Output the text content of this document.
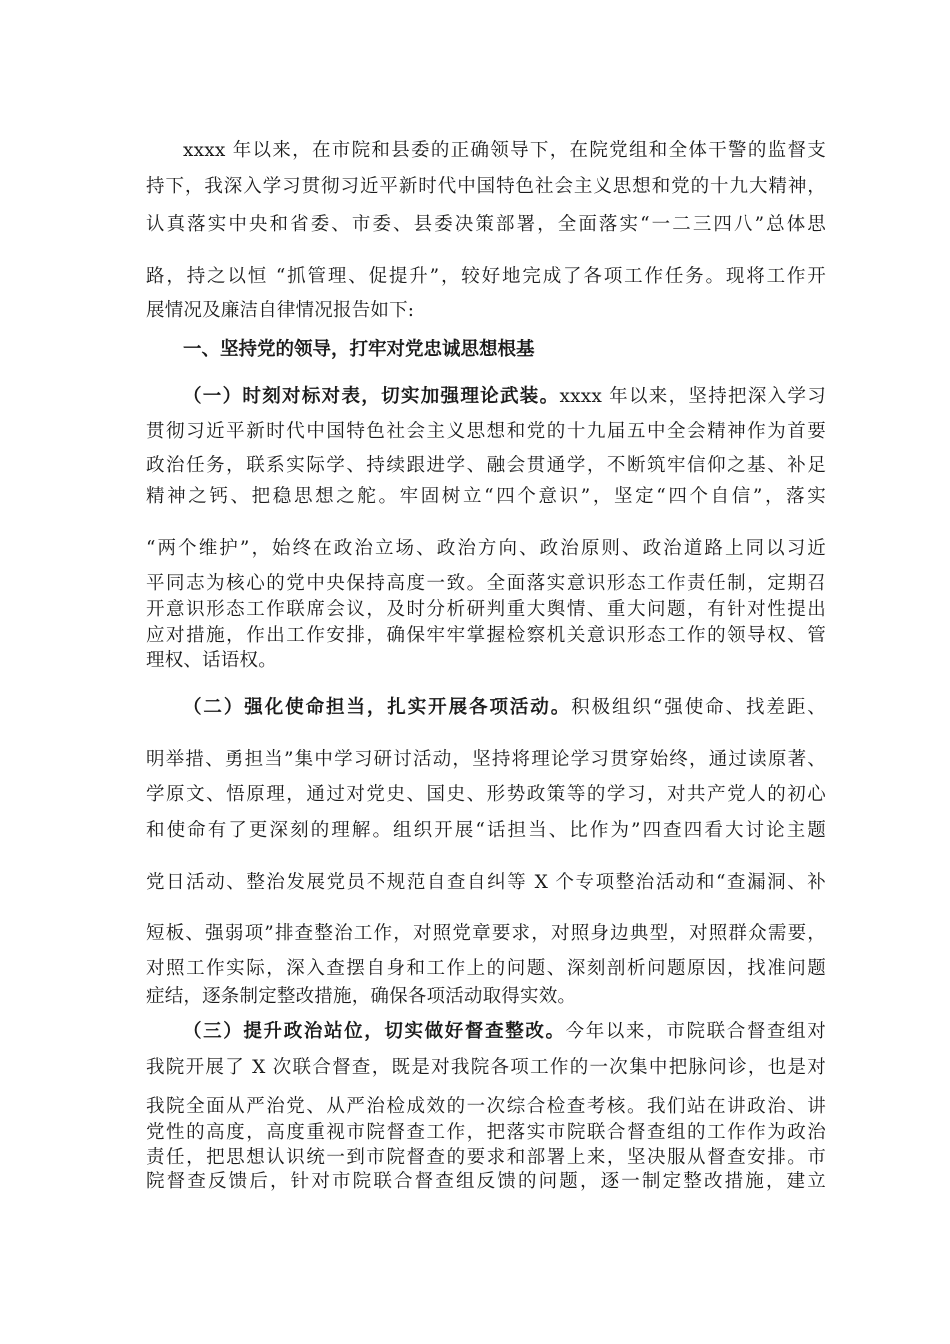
xxxx 年以来，在市院和县委的正确领导下，在院党组和全体干警的监督支
持下，我深入学习贯彻习近平新时代中国特色社会主义思想和党的十九大精神，
认真落实中央和省委、市委、县委决策部署，全面落实“一二三四八”总体思
路，持之以恒 “抓管理、促提升”，较好地完成了各项工作任务。现将工作开
展情况及廉洁自律情况报告如下:
一、坚持党的领导，打牢对党忠诚思想根基
（一）时刻对标对表，切实加强理论武装。xxxx 年以来，坚持把深入学习
贯彻习近平新时代中国特色社会主义思想和党的十九届五中全会精神作为首要
政治任务，联系实际学、持续跟进学、融会贯通学，不断筑牢信仰之基、补足
精神之钙、把稳思想之舵。牢固树立“四个意识”，坚定“四个自信”，落实
“两个维护”，始终在政治立场、政治方向、政治原则、政治道路上同以习近
平同志为核心的党中央保持高度一致。全面落实意识形态工作责任制，定期召
开意识形态工作联席会议，及时分析研判重大舆情、重大问题，有针对性提出
应对措施，作出工作安排，确保牢牢掌握检察机关意识形态工作的领导权、管
理权、话语权。
（二）强化使命担当，扎实开展各项活动。积极组织“强使命、找差距、
明举措、勇担当”集中学习研讨活动，坚持将理论学习贯穿始终，通过读原著、
学原文、悟原理，通过对党史、国史、形势政策等的学习，对共产党人的初心
和使命有了更深刻的理解。组织开展“话担当、比作为”四查四看大讨论主题
党日活动、整治发展党员不规范自查自纠等 X 个专项整治活动和“查漏洞、补
短板、强弱项”排查整治工作，对照党章要求，对照身边典型，对照群众需要，
对照工作实际，深入查摆自身和工作上的问题、深刻剖析问题原因，找准问题
症结，逐条制定整改措施，确保各项活动取得实效。
（三）提升政治站位，切实做好督查整改。今年以来，市院联合督查组对
我院开展了 X 次联合督查，既是对我院各项工作的一次集中把脉问诊，也是对
我院全面从严治党、从严治检成效的一次综合检查考核。我们站在讲政治、讲
党性的高度，高度重视市院督查工作，把落实市院联合督查组的工作作为政治
责任，把思想认识统一到市院督查的要求和部署上来，坚决服从督查安排。市
院督查反馈后，针对市院联合督查组反馈的问题，逐一制定整改措施，建立
